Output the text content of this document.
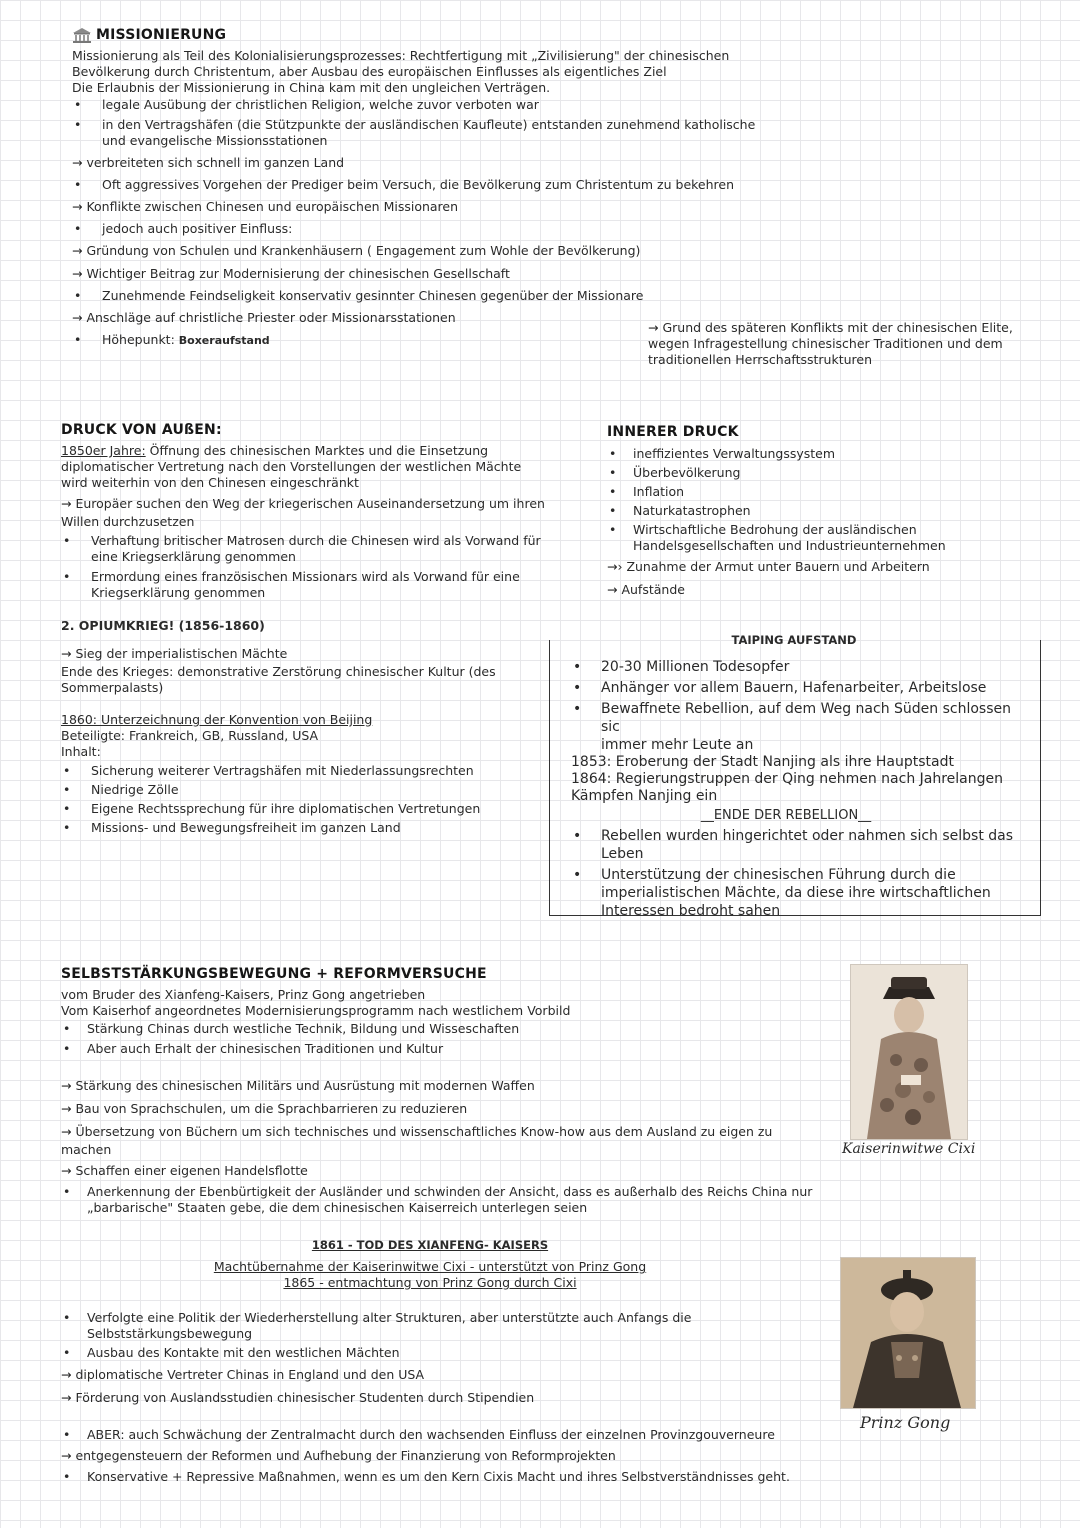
MISSIONIERUNG
Missionierung als Teil des Kolonialisierungsprozesses: Rechtfertigung mit „Zivilisierung" der chinesischen
Bevölkerung durch Christentum, aber Ausbau des europäischen Einflusses als eigentliches Ziel
Die Erlaubnis der Missionierung in China kam mit den ungleichen Verträgen.
• legale Ausübung der christlichen Religion, welche zuvor verboten war
• in den Vertragshäfen (die Stützpunkte der ausländischen Kaufleute) entstanden zunehmend katholische
und evangelische Missionsstationen
→ verbreiteten sich schnell im ganzen Land
• Oft aggressives Vorgehen der Prediger beim Versuch, die Bevölkerung zum Christentum zu bekehren
→ Konflikte zwischen Chinesen und europäischen Missionaren
• jedoch auch positiver Einfluss:
→ Gründung von Schulen und Krankenhäusern ( Engagement zum Wohle der Bevölkerung)
→ Wichtiger Beitrag zur Modernisierung der chinesischen Gesellschaft
• Zunehmende Feindseligkeit konservativ gesinnter Chinesen gegenüber der Missionare
→ Anschläge auf christliche Priester oder Missionarsstationen
• Höhepunkt: Boxeraufstand
→ Grund des späteren Konflikts mit der chinesischen Elite,
wegen Infragestellung chinesischer Traditionen und dem
traditionellen Herrschaftsstrukturen
DRUCK VON AUßEN:
1850er Jahre: Öffnung des chinesischen Marktes und die Einsetzung
diplomatischer Vertretung nach den Vorstellungen der westlichen Mächte
wird weiterhin von den Chinesen eingeschränkt
→ Europäer suchen den Weg der kriegerischen Auseinandersetzung um ihren
Willen durchzusetzen
• Verhaftung britischer Matrosen durch die Chinesen wird als Vorwand für
eine Kriegserklärung genommen
• Ermordung eines französischen Missionars wird als Vorwand für eine
Kriegserklärung genommen
2. OPIUMKRIEG! (1856-1860)
→ Sieg der imperialistischen Mächte
Ende des Krieges: demonstrative Zerstörung chinesischer Kultur (des
Sommerpalasts)
1860: Unterzeichnung der Konvention von Beijing
Beteiligte: Frankreich, GB, Russland, USA
Inhalt:
• Sicherung weiterer Vertragshäfen mit Niederlassungsrechten
• Niedrige Zölle
• Eigene Rechtssprechung für ihre diplomatischen Vertretungen
• Missions- und Bewegungsfreiheit im ganzen Land
INNERER DRUCK
• ineffizientes Verwaltungssystem
• Überbevölkerung
• Inflation
• Naturkatastrophen
• Wirtschaftliche Bedrohung der ausländischen
Handelsgesellschaften und Industrieunternehmen
→› Zunahme der Armut unter Bauern und Arbeitern
→ Aufstände
TAIPING AUFSTAND
• 20-30 Millionen Todesopfer
• Anhänger vor allem Bauern, Hafenarbeiter, Arbeitslose
• Bewaffnete Rebellion, auf dem Weg nach Süden schlossen sic
immer mehr Leute an
1853: Eroberung der Stadt Nanjing als ihre Hauptstadt
1864: Regierungstruppen der Qing nehmen nach Jahrelangen
Kämpfen Nanjing ein
__ENDE DER REBELLION__
• Rebellen wurden hingerichtet oder nahmen sich selbst das
Leben
• Unterstützung der chinesischen Führung durch die
imperialistischen Mächte, da diese ihre wirtschaftlichen
Interessen bedroht sahen
SELBSTSTÄRKUNGSBEWEGUNG + REFORMVERSUCHE
vom Bruder des Xianfeng-Kaisers, Prinz Gong angetrieben
Vom Kaiserhof angeordnetes Modernisierungsprogramm nach westlichem Vorbild
• Stärkung Chinas durch westliche Technik, Bildung und Wisseschaften
• Aber auch Erhalt der chinesischen Traditionen und Kultur
→ Stärkung des chinesischen Militärs und Ausrüstung mit modernen Waffen
→ Bau von Sprachschulen, um die Sprachbarrieren zu reduzieren
→ Übersetzung von Büchern um sich technisches und wissenschaftliches Know-how aus dem Ausland zu eigen zu
machen
→ Schaffen einer eigenen Handelsflotte
• Anerkennung der Ebenbürtigkeit der Ausländer und schwinden der Ansicht, dass es außerhalb des Reichs China nur
„barbarische" Staaten gebe, die dem chinesischen Kaiserreich unterlegen seien
1861 - TOD DES XIANFENG- KAISERS
Machtübernahme der Kaiserinwitwe Cixi - unterstützt von Prinz Gong
1865 - entmachtung von Prinz Gong durch Cixi
• Verfolgte eine Politik der Wiederherstellung alter Strukturen, aber unterstützte auch Anfangs die
Selbststärkungsbewegung
• Ausbau des Kontakte mit den westlichen Mächten
→ diplomatische Vertreter Chinas in England und den USA
→ Förderung von Auslandsstudien chinesischer Studenten durch Stipendien
• ABER: auch Schwächung der Zentralmacht durch den wachsenden Einfluss der einzelnen Provinzgouverneure
→ entgegensteuern der Reformen und Aufhebung der Finanzierung von Reformprojekten
• Konservative + Repressive Maßnahmen, wenn es um den Kern Cixis Macht und ihres Selbstverständnisses geht.
Kaiserinwitwe Cixi
Prinz Gong
